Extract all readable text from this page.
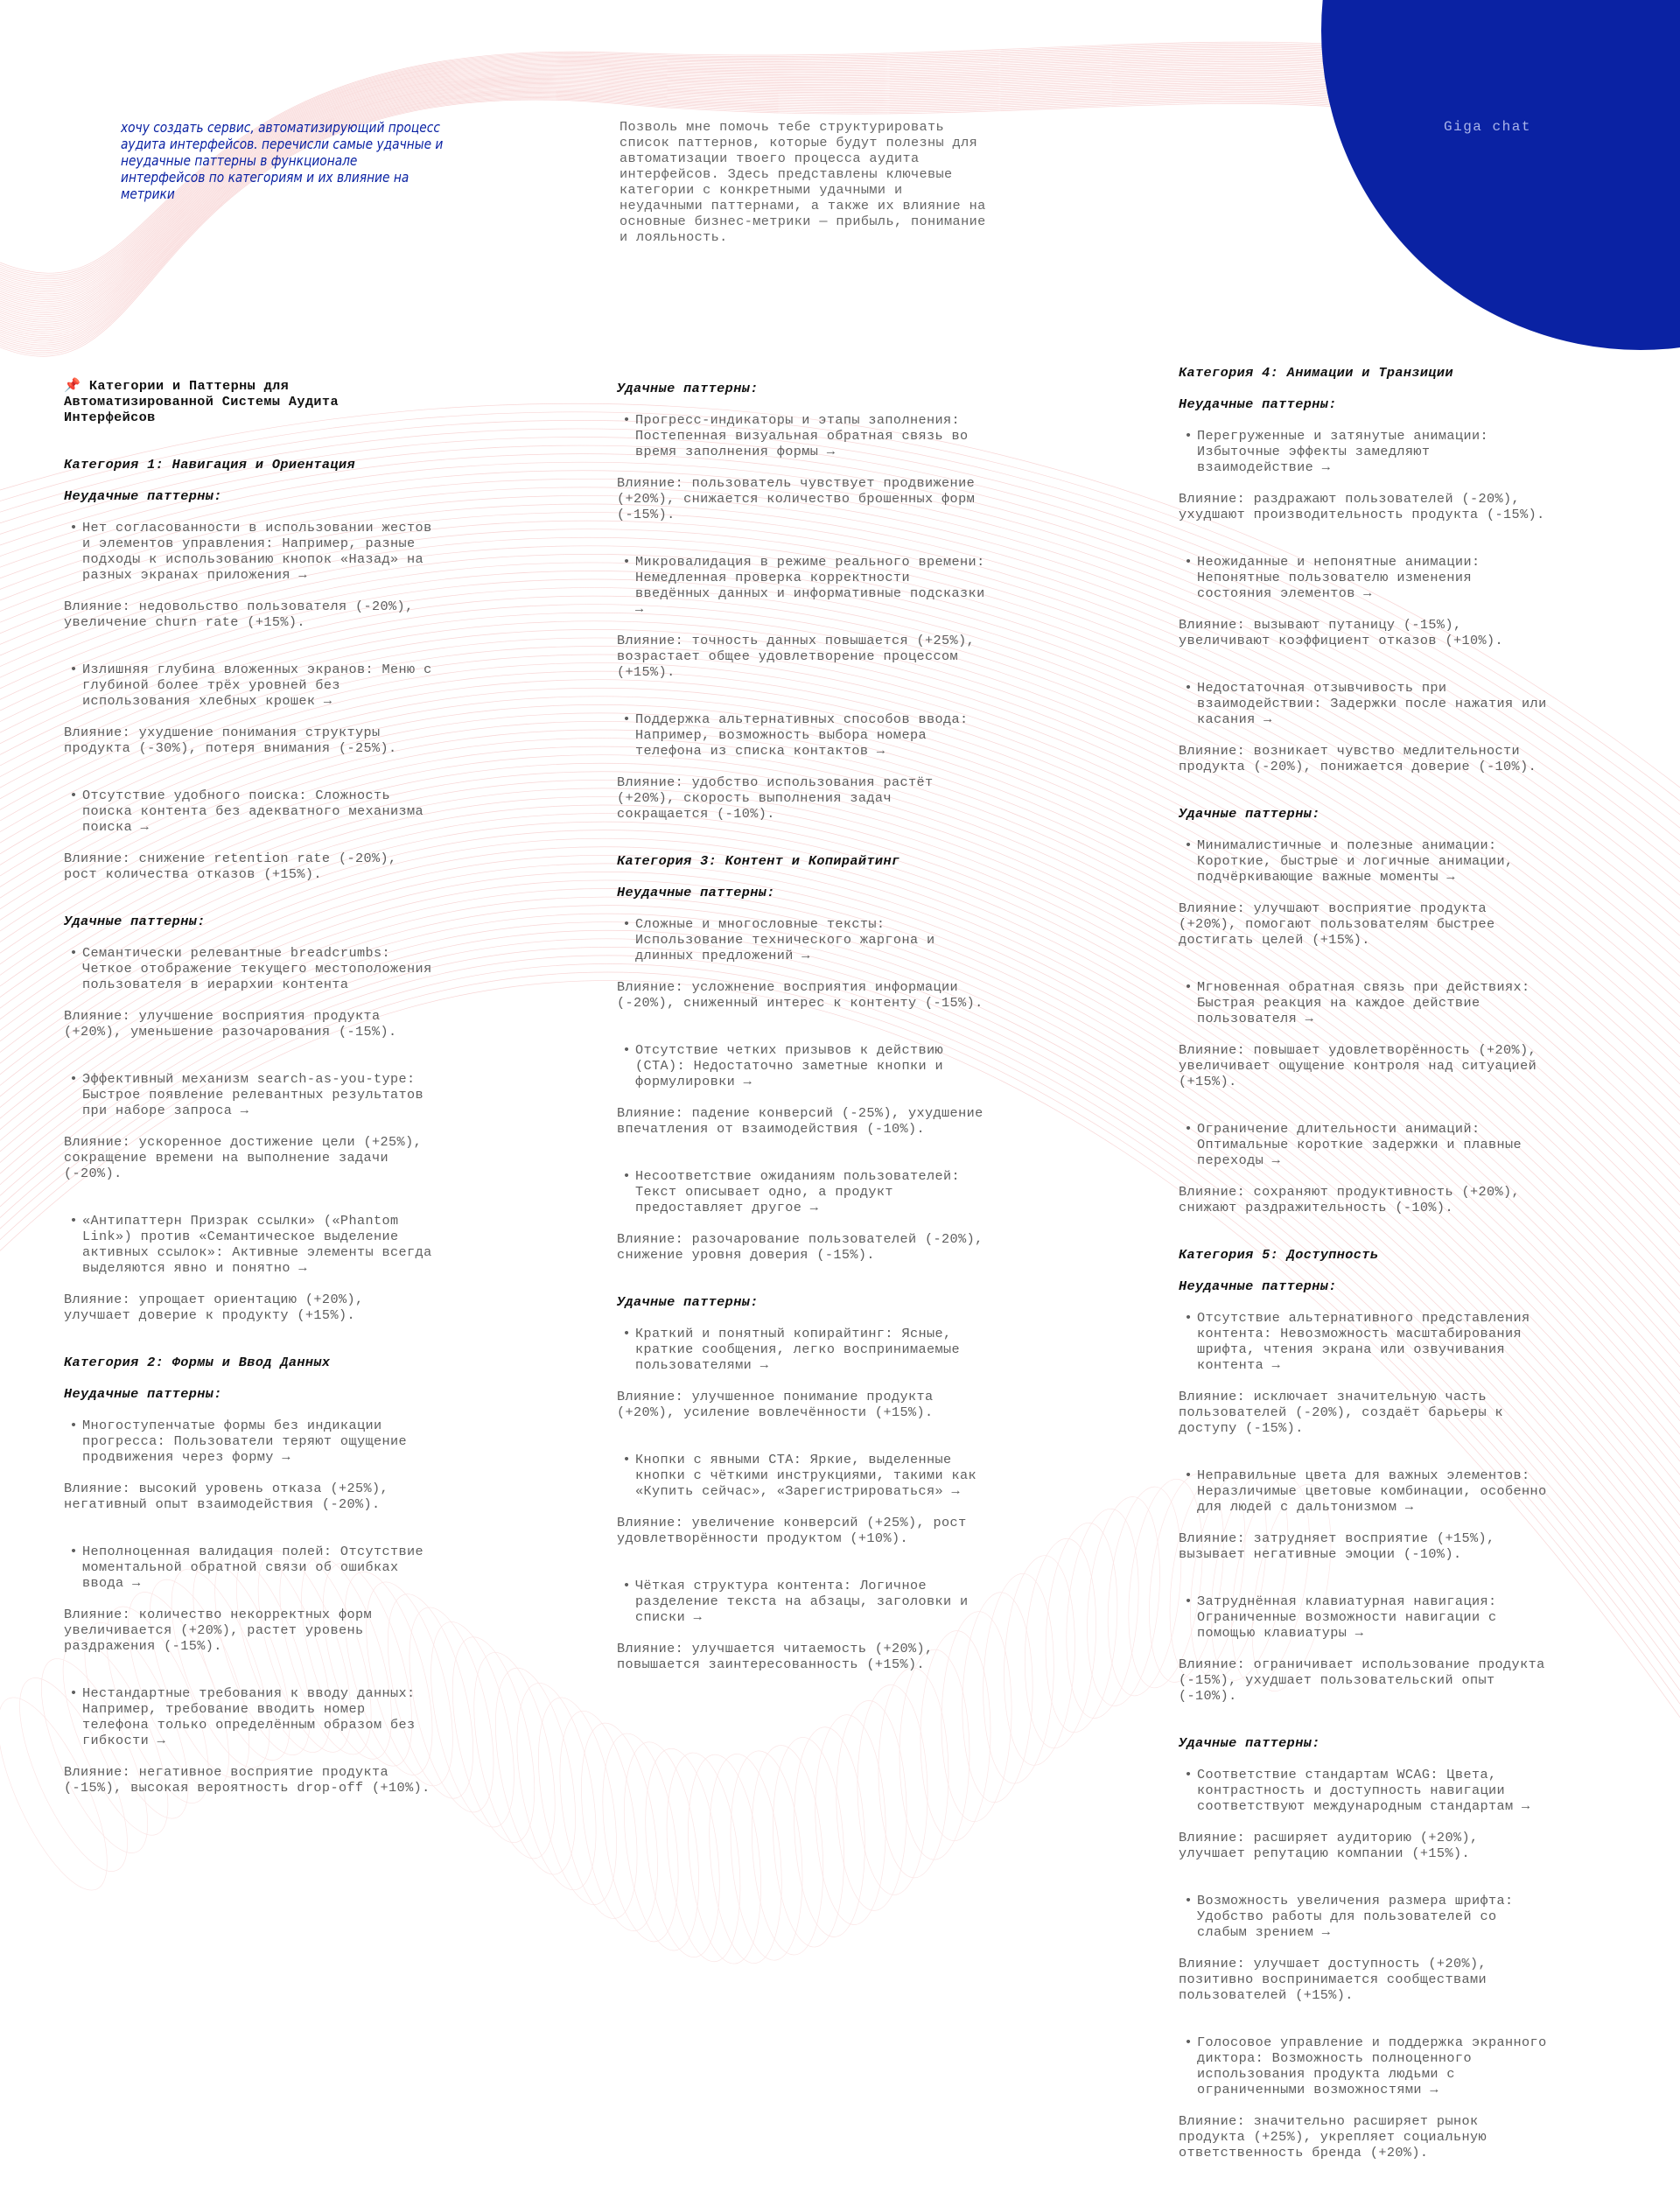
Giga chat
хочу создать сервис, автоматизирующий процесс аудита интерфейсов. перечисли самые удачные и неудачные паттерны в функционале интерфейсов по категориям и их влияние на метрики
Позволь мне помочь тебе структурировать
список паттернов, которые будут полезны для
автоматизации твоего процесса аудита
интерфейсов. Здесь представлены ключевые
категории с конкретными удачными и
неудачными паттернами, а также их влияние на
основные бизнес-метрики — прибыль, понимание
и лояльность.
📌 Категории и Паттерны для
Автоматизированной Системы Аудита
Интерфейсов
Категория 1: Навигация и Ориентация
Неудачные паттерны:
• Нет согласованности в использовании жестов
и элементов управления: Например, разные
подходы к использованию кнопок «Назад» на
разных экранах приложения →
Влияние: недовольство пользователя (-20%),
увеличение churn rate (+15%).
• Излишняя глубина вложенных экранов: Меню с
глубиной более трёх уровней без
использования хлебных крошек →
Влияние: ухудшение понимания структуры
продукта (-30%), потеря внимания (-25%).
• Отсутствие удобного поиска: Сложность
поиска контента без адекватного механизма
поиска →
Влияние: снижение retention rate (-20%),
рост количества отказов (+15%).
Удачные паттерны:
• Семантически релевантные breadcrumbs:
Четкое отображение текущего местоположения
пользователя в иерархии контента
Влияние: улучшение восприятия продукта
(+20%), уменьшение разочарования (-15%).
• Эффективный механизм search-as-you-type:
Быстрое появление релевантных результатов
при наборе запроса →
Влияние: ускоренное достижение цели (+25%),
сокращение времени на выполнение задачи
(-20%).
• «Антипаттерн Призрак ссылки» («Phantom
Link») против «Семантическое выделение
активных ссылок»: Активные элементы всегда
выделяются явно и понятно →
Влияние: упрощает ориентацию (+20%),
улучшает доверие к продукту (+15%).
Категория 2: Формы и Ввод Данных
Неудачные паттерны:
• Многоступенчатые формы без индикации
прогресса: Пользователи теряют ощущение
продвижения через форму →
Влияние: высокий уровень отказа (+25%),
негативный опыт взаимодействия (-20%).
• Неполноценная валидация полей: Отсутствие
моментальной обратной связи об ошибках
ввода →
Влияние: количество некорректных форм
увеличивается (+20%), растет уровень
раздражения (-15%).
• Нестандартные требования к вводу данных:
Например, требование вводить номер
телефона только определённым образом без
гибкости →
Влияние: негативное восприятие продукта
(-15%), высокая вероятность drop-off (+10%).
Удачные паттерны:
• Прогресс-индикаторы и этапы заполнения:
Постепенная визуальная обратная связь во
время заполнения формы →
Влияние: пользователь чувствует продвижение
(+20%), снижается количество брошенных форм
(-15%).
• Микровалидация в режиме реального времени:
Немедленная проверка корректности
введённых данных и информативные подсказки
→
Влияние: точность данных повышается (+25%),
возрастает общее удовлетворение процессом
(+15%).
• Поддержка альтернативных способов ввода:
Например, возможность выбора номера
телефона из списка контактов →
Влияние: удобство использования растёт
(+20%), скорость выполнения задач
сокращается (-10%).
Категория 3: Контент и Копирайтинг
Неудачные паттерны:
• Сложные и многословные тексты:
Использование технического жаргона и
длинных предложений →
Влияние: усложнение восприятия информации
(-20%), сниженный интерес к контенту (-15%).
• Отсутствие четких призывов к действию
(CTA): Недостаточно заметные кнопки и
формулировки →
Влияние: падение конверсий (-25%), ухудшение
впечатления от взаимодействия (-10%).
• Несоответствие ожиданиям пользователей:
Текст описывает одно, а продукт
предоставляет другое →
Влияние: разочарование пользователей (-20%),
снижение уровня доверия (-15%).
Удачные паттерны:
• Краткий и понятный копирайтинг: Ясные,
краткие сообщения, легко воспринимаемые
пользователями →
Влияние: улучшенное понимание продукта
(+20%), усиление вовлечённости (+15%).
• Кнопки с явными CTA: Яркие, выделенные
кнопки с чёткими инструкциями, такими как
«Купить сейчас», «Зарегистрироваться» →
Влияние: увеличение конверсий (+25%), рост
удовлетворённости продуктом (+10%).
• Чёткая структура контента: Логичное
разделение текста на абзацы, заголовки и
списки →
Влияние: улучшается читаемость (+20%),
повышается заинтересованность (+15%).
Категория 4: Анимации и Транзиции
Неудачные паттерны:
• Перегруженные и затянутые анимации:
Избыточные эффекты замедляют
взаимодействие →
Влияние: раздражают пользователей (-20%),
ухудшают производительность продукта (-15%).
• Неожиданные и непонятные анимации:
Непонятные пользователю изменения
состояния элементов →
Влияние: вызывают путаницу (-15%),
увеличивают коэффициент отказов (+10%).
• Недостаточная отзывчивость при
взаимодействии: Задержки после нажатия или
касания →
Влияние: возникает чувство медлительности
продукта (-20%), понижается доверие (-10%).
Удачные паттерны:
• Минималистичные и полезные анимации:
Короткие, быстрые и логичные анимации,
подчёркивающие важные моменты →
Влияние: улучшают восприятие продукта
(+20%), помогают пользователям быстрее
достигать целей (+15%).
• Мгновенная обратная связь при действиях:
Быстрая реакция на каждое действие
пользователя →
Влияние: повышает удовлетворённость (+20%),
увеличивает ощущение контроля над ситуацией
(+15%).
• Ограничение длительности анимаций:
Оптимальные короткие задержки и плавные
переходы →
Влияние: сохраняют продуктивность (+20%),
снижают раздражительность (-10%).
Категория 5: Доступность
Неудачные паттерны:
• Отсутствие альтернативного представления
контента: Невозможность масштабирования
шрифта, чтения экрана или озвучивания
контента →
Влияние: исключает значительную часть
пользователей (-20%), создаёт барьеры к
доступу (-15%).
• Неправильные цвета для важных элементов:
Неразличимые цветовые комбинации, особенно
для людей с дальтонизмом →
Влияние: затрудняет восприятие (+15%),
вызывает негативные эмоции (-10%).
• Затруднённая клавиатурная навигация:
Ограниченные возможности навигации с
помощью клавиатуры →
Влияние: ограничивает использование продукта
(-15%), ухудшает пользовательский опыт
(-10%).
Удачные паттерны:
• Соответствие стандартам WCAG: Цвета,
контрастность и доступность навигации
соответствуют международным стандартам →
Влияние: расширяет аудиторию (+20%),
улучшает репутацию компании (+15%).
• Возможность увеличения размера шрифта:
Удобство работы для пользователей со
слабым зрением →
Влияние: улучшает доступность (+20%),
позитивно воспринимается сообществами
пользователей (+15%).
• Голосовое управление и поддержка экранного
диктора: Возможность полноценного
использования продукта людьми с
ограниченными возможностями →
Влияние: значительно расширяет рынок
продукта (+25%), укрепляет социальную
ответственность бренда (+20%).
